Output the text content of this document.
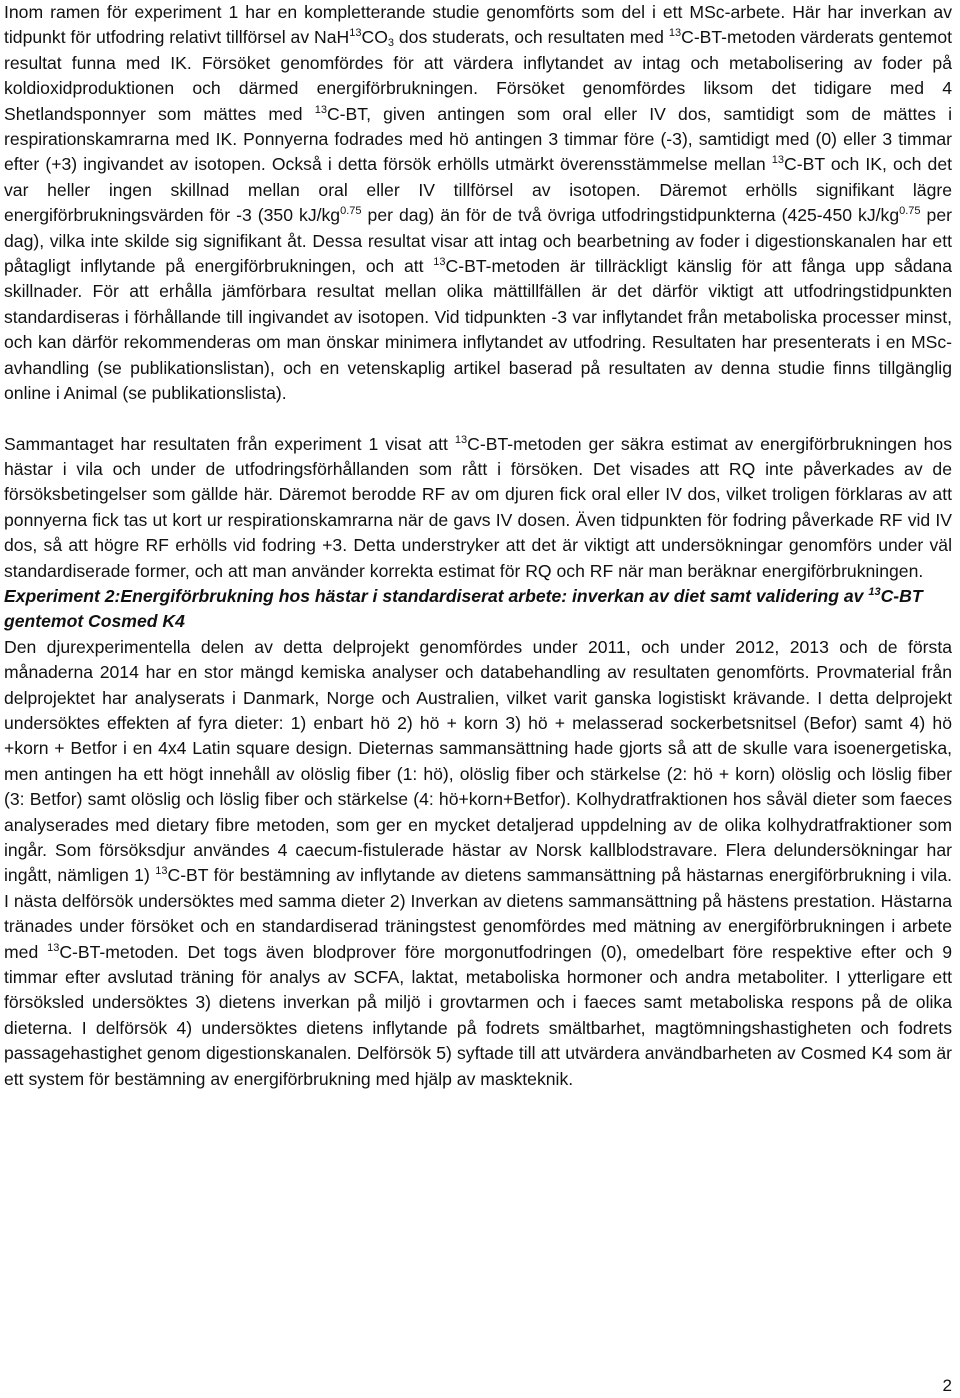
Inom ramen för experiment 1 har en kompletterande studie genomförts som del i ett MSc-arbete. Här har inverkan av tidpunkt för utfodring relativt tillförsel av $NaH^{13}CO_3$ dos studerats, och resultaten med $^{13}$C-BT-metoden värderats gentemot resultat funna med IK. Försöket genomfördes för att värdera inflytandet av intag och metabolisering av foder på koldioxidproduktionen och därmed energiförbrukningen. Försöket genomfördes liksom det tidigare med 4 Shetlandsponnyer som mättes med $^{13}$C-BT, given antingen som oral eller IV dos, samtidigt som de mättes i respirationskamrarna med IK. Ponnyerna fodrades med hö antingen 3 timmar före (-3), samtidigt med (0) eller 3 timmar efter (+3) ingivandet av isotopen. Också i detta försök erhölls utmärkt överensstämmelse mellan $^{13}$C-BT och IK, och det var heller ingen skillnad mellan oral eller IV tillförsel av isotopen. Däremot erhölls signifikant lägre energiförbrukningsvärden för -3 (350 $kJ/kg^{0.75}$ per dag) än för de två övriga utfodringstidpunkterna (425-450 $kJ/kg^{0.75}$ per dag), vilka inte skilde sig signifikant åt. Dessa resultat visar att intag och bearbetning av foder i digestionskanalen har ett påtagligt inflytande på energiförbrukningen, och att $^{13}$C-BT-metoden är tillräckligt känslig för att fånga upp sådana skillnader. För att erhålla jämförbara resultat mellan olika mättillfällen är det därför viktigt att utfodringstidpunkten standardiseras i förhållande till ingivandet av isotopen. Vid tidpunkten -3 var inflytandet från metaboliska processer minst, och kan därför rekommenderas om man önskar minimera inflytandet av utfodring. Resultaten har presenterats i en MSc-avhandling (se publikationslistan), och en vetenskaplig artikel baserad på resultaten av denna studie finns tillgänglig online i Animal (se publikationslista).

Sammantaget har resultaten från experiment 1 visat att $^{13}$C-BT-metoden ger säkra estimat av energiförbrukningen hos hästar i vila och under de utfodringsförhållanden som rått i försöken. Det visades att RQ inte påverkades av de försöksbetingelser som gällde här. Däremot berodde RF av om djuren fick oral eller IV dos, vilket troligen förklaras av att ponnyerna fick tas ut kort ur respirationskamrarna när de gavs IV dosen. Även tidpunkten för fodring påverkade RF vid IV dos, så att högre RF erhölls vid fodring +3. Detta understryker att det är viktigt att undersökningar genomförs under väl standardiserade former, och att man använder korrekta estimat för RQ och RF när man beräknar energiförbrukningen.

Experiment 2:Energiförbrukning hos hästar i standardiserat arbete: inverkan av diet samt validering av $^{13}$C-BT gentemot Cosmed K4

Den djurexperimentella delen av detta delprojekt genomfördes under 2011, och under 2012, 2013 och de första månaderna 2014 har en stor mängd kemiska analyser och databehandling av resultaten genomförts. Provmaterial från delprojektet har analyserats i Danmark, Norge och Australien, vilket varit ganska logistiskt krävande. I detta delprojekt undersöktes effekten af fyra dieter: 1) enbart hö 2) hö + korn 3) hö + melasserad sockerbetsnitsel (Befor) samt 4) hö +korn + Betfor i en 4x4 Latin square design. Dieternas sammansättning hade gjorts så att de skulle vara isoenergetiska, men antingen ha ett högt innehåll av olöslig fiber (1: hö), olöslig fiber och stärkelse (2: hö + korn) olöslig och löslig fiber (3: Betfor) samt olöslig och löslig fiber och stärkelse (4: hö+korn+Betfor). Kolhydratfraktionen hos såväl dieter som faeces analyserades med dietary fibre metoden, som ger en mycket detaljerad uppdelning av de olika kolhydratfraktioner som ingår. Som försöksdjur användes 4 caecum-fistulerade hästar av Norsk kallblodstravare. Flera delundersökningar har ingått, nämligen 1) $^{13}$C-BT för bestämning av inflytande av dietens sammansättning på hästarnas energiförbrukning i vila. I nästa delförsök undersöktes med samma dieter 2) Inverkan av dietens sammansättning på hästens prestation. Hästarna tränades under försöket och en standardiserad träningstest genomfördes med mätning av energiförbrukningen i arbete med $^{13}$C-BT-metoden. Det togs även blodprover före morgonutfodringen (0), omedelbart före respektive efter och 9 timmar efter avslutad träning för analys av SCFA, laktat, metaboliska hormoner och andra metaboliter. I ytterligare ett försöksled undersöktes 3) dietens inverkan på miljö i grovtarmen och i faeces samt metaboliska respons på de olika dieterna. I delförsök 4) undersöktes dietens inflytande på fodrets smältbarhet, magtömningshastigheten och fodrets passagehastighet genom digestionskanalen. Delförsök 5) syftade till att utvärdera användbarheten av Cosmed K4 som är ett system för bestämning av energiförbrukning med hjälp av maskteknik.

2
